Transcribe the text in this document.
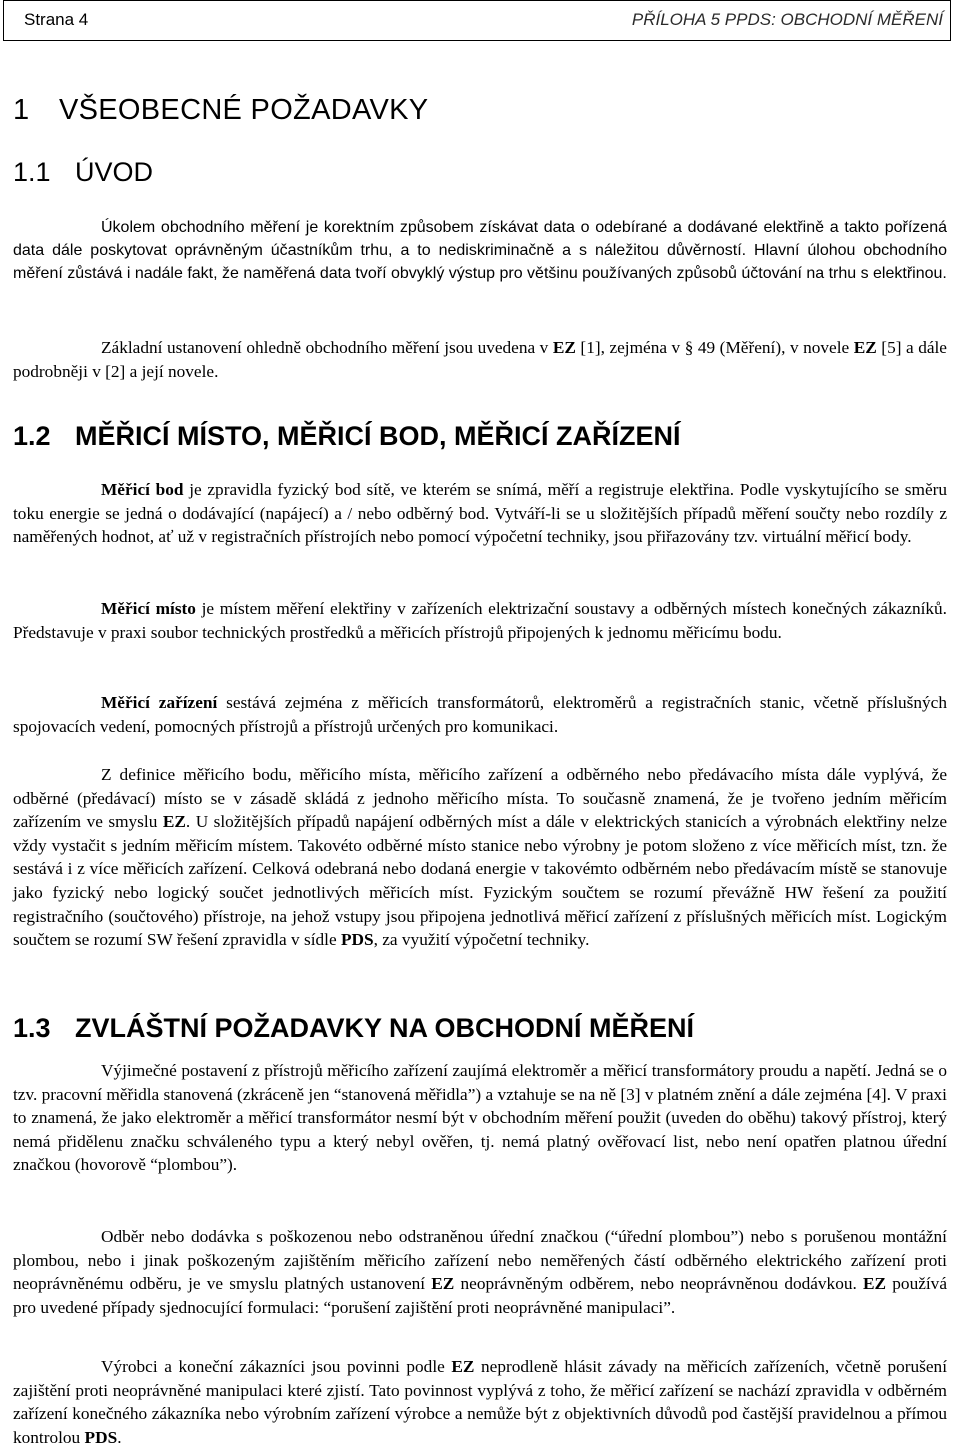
Strana 4	PŘÍLOHA 5 PPDS: OBCHODNÍ MĚŘENÍ
1 VŠEOBECNÉ POŽADAVKY
1.1 ÚVOD

Úkolem obchodního měření je korektním způsobem získávat data o odebírané a dodávané elektřině a takto pořízená data dále poskytovat oprávněným účastníkům trhu, a to nediskriminačně a s náležitou důvěrností. Hlavní úlohou obchodního měření zůstává i nadále fakt, že naměřená data tvoří obvyklý výstup pro většinu používaných způsobů účtování na trhu s elektřinou.

Základní ustanovení ohledně obchodního měření jsou uvedena v EZ [1], zejména v § 49 (Měření), v novele EZ [5] a dále podrobněji v [2] a její novele.

1.2 MĚŘICÍ MÍSTO, MĚŘICÍ BOD, MĚŘICÍ ZAŘÍZENÍ

Měřicí bod je zpravidla fyzický bod sítě, ve kterém se snímá, měří a registruje elektřina. Podle vyskytujícího se směru toku energie se jedná o dodávající (napájecí) a / nebo odběrný bod. Vytváří-li se u složitějších případů měření součty nebo rozdíly z naměřených hodnot, ať už v registračních přístrojích nebo pomocí výpočetní techniky, jsou přiřazovány tzv. virtuální měřicí body.

Měřicí místo je místem měření elektřiny v zařízeních elektrizační soustavy a odběrných místech konečných zákazníků. Představuje v praxi soubor technických prostředků a měřicích přístrojů připojených k jednomu měřicímu bodu.

Měřicí zařízení sestává zejména z měřicích transformátorů, elektroměrů a registračních stanic, včetně příslušných spojovacích vedení, pomocných přístrojů a přístrojů určených pro komunikaci.

Z definice měřicího bodu, měřicího místa, měřicího zařízení a odběrného nebo předávacího místa dále vyplývá, že odběrné (předávací) místo se v zásadě skládá z jednoho měřicího místa. To současně znamená, že je tvořeno jedním měřicím zařízením ve smyslu EZ. U složitějších případů napájení odběrných míst a dále v elektrických stanicích a výrobnách elektřiny nelze vždy vystačit s jedním měřicím místem. Takovéto odběrné místo stanice nebo výrobny je potom složeno z více měřicích míst, tzn. že sestává i z více měřicích zařízení. Celková odebraná nebo dodaná energie v takovémto odběrném nebo předávacím místě se stanovuje jako fyzický nebo logický součet jednotlivých měřicích míst. Fyzickým součtem se rozumí převážně HW řešení za použití registračního (součtového) přístroje, na jehož vstupy jsou připojena jednotlivá měřicí zařízení z příslušných měřicích míst. Logickým součtem se rozumí SW řešení zpravidla v sídle PDS, za využití výpočetní techniky.

1.3 ZVLÁŠTNÍ POŽADAVKY NA OBCHODNÍ MĚŘENÍ

Výjimečné postavení z přístrojů měřicího zařízení zaujímá elektroměr a měřicí transformátory proudu a napětí. Jedná se o tzv. pracovní měřidla stanovená (zkráceně jen “stanovená měřidla”) a vztahuje se na ně [3] v platném znění a dále zejména [4]. V praxi to znamená, že jako elektroměr a měřicí transformátor nesmí být v obchodním měření použit (uveden do oběhu) takový přístroj, který nemá přidělenu značku schváleného typu a který nebyl ověřen, tj. nemá platný ověřovací list, nebo není opatřen platnou úřední značkou (hovorově “plombou”).

Odběr nebo dodávka s poškozenou nebo odstraněnou úřední značkou (“úřední plombou”) nebo s porušenou montážní plombou, nebo i jinak poškozeným zajištěním měřicího zařízení nebo neměřených částí odběrného elektrického zařízení proti neoprávněnému odběru, je ve smyslu platných ustanovení EZ neoprávněným odběrem, nebo neoprávněnou dodávkou. EZ používá pro uvedené případy sjednocující formulaci: “porušení zajištění proti neoprávněné manipulaci”.

Výrobci a koneční zákazníci jsou povinni podle EZ neprodleně hlásit závady na měřicích zařízeních, včetně porušení zajištění proti neoprávněné manipulaci které zjistí. Tato povinnost vyplývá z toho, že měřicí zařízení se nachází zpravidla v odběrném zařízení konečného zákazníka nebo výrobním zařízení výrobce a nemůže být z objektivních důvodů pod častější pravidelnou a přímou kontrolou PDS.
